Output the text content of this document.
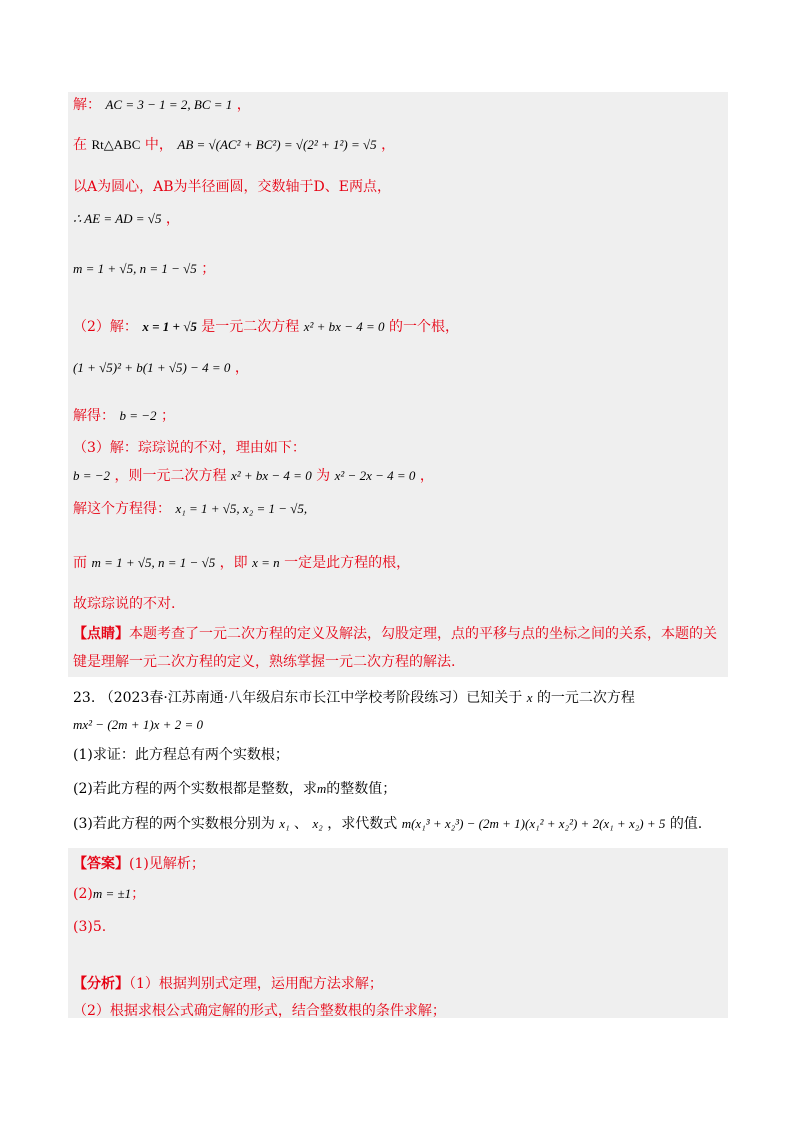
解： AC = 3 − 1 = 2, BC = 1 ，
在 Rt△ABC 中， AB = √(AC² + BC²) = √(2² + 1²) = √5 ，
以A为圆心，AB为半径画圆，交数轴于D、E两点，
∴ AE = AD = √5 ，
m = 1 + √5, n = 1 − √5 ；
（2）解： x = 1 + √5 是一元二次方程 x² + bx − 4 = 0 的一个根，
(1 + √5)² + b(1 + √5) − 4 = 0 ，
解得： b = −2 ；
（3）解：琮琮说的不对，理由如下：
b = −2 ，则一元二次方程 x² + bx − 4 = 0 为 x² − 2x − 4 = 0 ，
解这个方程得： x₁ = 1 + √5, x₂ = 1 − √5,
而 m = 1 + √5, n = 1 − √5 ，即 x = n 一定是此方程的根，
故琮琮说的不对.
【点睛】本题考查了一元二次方程的定义及解法，勾股定理，点的平移与点的坐标之间的关系，本题的关
键是理解一元二次方程的定义，熟练掌握一元二次方程的解法.
23. （2023春·江苏南通·八年级启东市长江中学校考阶段练习）已知关于 x 的一元二次方程
mx² − (2m + 1)x + 2 = 0
(1)求证：此方程总有两个实数根；
(2)若此方程的两个实数根都是整数，求m的整数值；
(3)若此方程的两个实数根分别为 x₁ 、 x₂ ，求代数式 m(x₁³ + x₂³) − (2m + 1)(x₁² + x₂²) + 2(x₁ + x₂) + 5 的值.
【答案】(1)见解析；
(2)m = ±1；
(3)5.
【分析】（1）根据判别式定理，运用配方法求解；
（2）根据求根公式确定解的形式，结合整数根的条件求解；
